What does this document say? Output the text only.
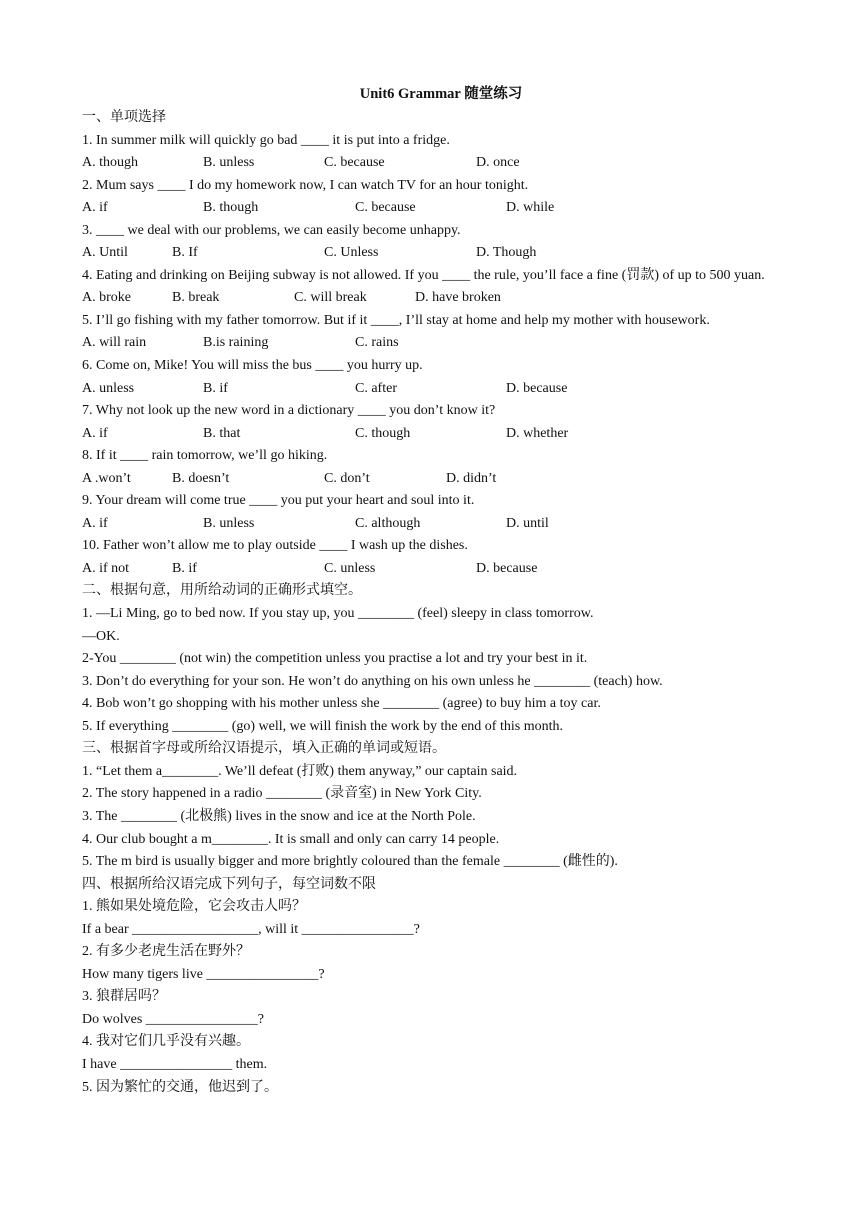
Unit6 Grammar 随堂练习
一、单项选择
1. In summer milk will quickly go bad ____ it is put into a fridge.
A. though	B. unless	C. because	D. once
2. Mum says ____ I do my homework now, I can watch TV for an hour tonight.
A. if	B. though	C. because	D. while
3. ____ we deal with our problems, we can easily become unhappy.
A. Until	B. If	C. Unless	D. Though
4. Eating and drinking on Beijing subway is not allowed. If you ____ the rule, you’ll face a fine (罚款) of up to 500 yuan.
A. broke	B. break	C. will break	D. have broken
5. I’ll go fishing with my father tomorrow. But if it ____, I’ll stay at home and help my mother with housework.
A. will rain	B.is raining	C. rains
6. Come on, Mike! You will miss the bus ____ you hurry up.
A. unless	B. if	C. after	D. because
7. Why not look up the new word in a dictionary ____ you don’t know it?
A. if	B. that	C. though	D. whether
8. If it ____ rain tomorrow, we’ll go hiking.
A .won’t	B. doesn’t	C. don’t	D. didn’t
9. Your dream will come true ____ you put your heart and soul into it.
A. if	B. unless	C. although	D. until
10. Father won’t allow me to play outside ____ I wash up the dishes.
A. if not	B. if	C. unless	D. because
二、根据句意，用所给动词的正确形式填空。
1. —Li Ming, go to bed now. If you stay up, you ________ (feel) sleepy in class tomorrow.
—OK.
2-You ________ (not win) the competition unless you practise a lot and try your best in it.
3. Don’t do everything for your son. He won’t do anything on his own unless he ________ (teach) how.
4. Bob won’t go shopping with his mother unless she ________ (agree) to buy him a toy car.
5. If everything ________ (go) well, we will finish the work by the end of this month.
三、根据首字母或所给汉语提示，填入正确的单词或短语。
1. “Let them a________. We’ll defeat (打败) them anyway,” our captain said.
2. The story happened in a radio ________ (录音室) in New York City.
3. The ________ (北极熊) lives in the snow and ice at the North Pole.
4. Our club bought a m________. It is small and only can carry 14 people.
5. The m bird is usually bigger and more brightly coloured than the female ________ (雌性的).
四、根据所给汉语完成下列句子，每空词数不限
1. 熊如果处境危险，它会攻击人吗？
If a bear __________________, will it ________________?
2. 有多少老虎生活在野外？
How many tigers live ________________?
3. 狼群居吗？
Do wolves ________________?
4. 我对它们几乎没有兴趣。
I have ________________ them.
5. 因为繁忙的交通，他迟到了。
